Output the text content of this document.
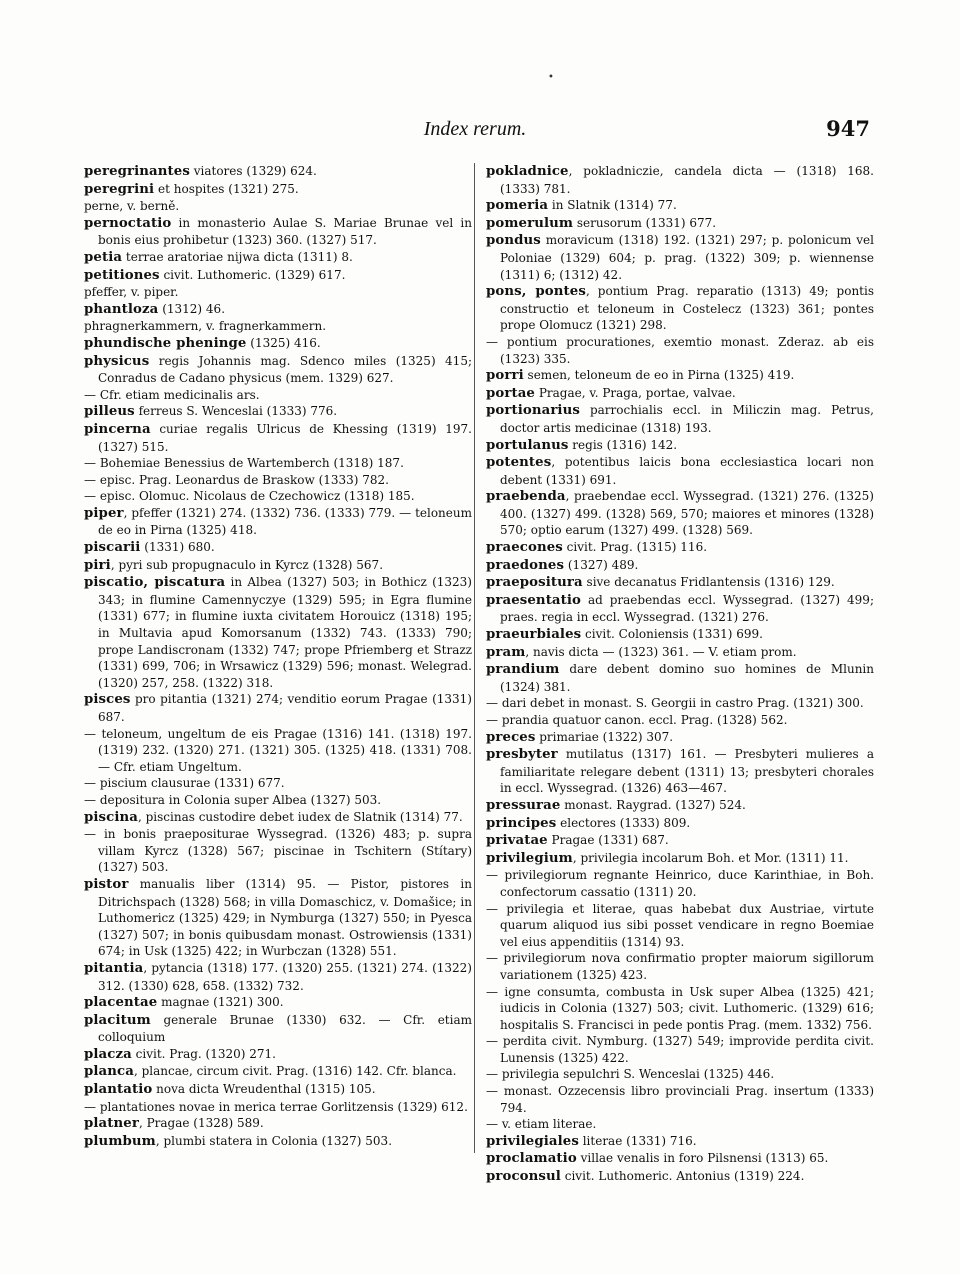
•
Index rerum.	947

peregrinantes viatores (1329) 624.

peregrini et hospites (1321) 275.

perne, v. berně.

pernoctatio in monasterio Aulae S. Mariae Brunae vel in bonis eius prohibetur (1323) 360. (1327) 517.

petia terrae aratoriae nijwa dicta (1311) 8.

petitiones civit. Luthomeric. (1329) 617.

pfeffer, v. piper.

phantloza (1312) 46.

phragnerkammern, v. fragnerkammern.

phundische pheninge (1325) 416.

physicus regis Johannis mag. Sdenco miles (1325) 415; Conradus de Cadano physicus (mem. 1329) 627.

— Cfr. etiam medicinalis ars.

pilleus ferreus S. Wenceslai (1333) 776.

pincerna curiae regalis Ulricus de Khessing (1319) 197. (1327) 515.

— Bohemiae Benessius de Wartemberch (1318) 187.

— episc. Prag. Leonardus de Braskow (1333) 782.

— episc. Olomuc. Nicolaus de Czechowicz (1318) 185.

piper, pfeffer (1321) 274. (1332) 736. (1333) 779. — teloneum de eo in Pirna (1325) 418.

piscarii (1331) 680.

piri, pyri sub propugnaculo in Kyrcz (1328) 567.

piscatio, piscatura in Albea (1327) 503; in Bothicz (1323) 343; in flumine Camennyczye (1329) 595; in Egra flumine (1331) 677; in flumine iuxta civitatem Horouicz (1318) 195; in Multavia apud Komorsanum (1332) 743. (1333) 790; prope Landiscronam (1332) 747; prope Pfriemberg et Strazz (1331) 699, 706; in Wrsawicz (1329) 596; monast. Welegrad. (1320) 257, 258. (1322) 318.

pisces pro pitantia (1321) 274; venditio eorum Pragae (1331) 687.

— teloneum, ungeltum de eis Pragae (1316) 141. (1318) 197. (1319) 232. (1320) 271. (1321) 305. (1325) 418. (1331) 708. — Cfr. etiam Ungeltum.

— piscium clausurae (1331) 677.

— depositura in Colonia super Albea (1327) 503.

piscina, piscinas custodire debet iudex de Slatnik (1314) 77.

— in bonis praepositurae Wyssegrad. (1326) 483; p. supra villam Kyrcz (1328) 567; piscinae in Tschitern (Stítary) (1327) 503.

pistor manualis liber (1314) 95. — Pistor, pistores in Ditrichspach (1328) 568; in villa Domaschicz, v. Domašice; in Luthomericz (1325) 429; in Nymburga (1327) 550; in Pyesca (1327) 507; in bonis quibusdam monast. Ostrowiensis (1331) 674; in Usk (1325) 422; in Wurbczan (1328) 551.

pitantia, pytancia (1318) 177. (1320) 255. (1321) 274. (1322) 312. (1330) 628, 658. (1332) 732.

placentae magnae (1321) 300.

placitum generale Brunae (1330) 632. — Cfr. etiam colloquium

placza civit. Prag. (1320) 271.

planca, plancae, circum civit. Prag. (1316) 142. Cfr. blanca.

plantatio nova dicta Wreudenthal (1315) 105.

— plantationes novae in merica terrae Gorlitzensis (1329) 612.

platner, Pragae (1328) 589.

plumbum, plumbi statera in Colonia (1327) 503.

pokladnice, pokladniczie, candela dicta — (1318) 168. (1333) 781.

pomeria in Slatnik (1314) 77.

pomerulum serusorum (1331) 677.

pondus moravicum (1318) 192. (1321) 297; p. polonicum vel Poloniae (1329) 604; p. prag. (1322) 309; p. wiennense (1311) 6; (1312) 42.

pons, pontes, pontium Prag. reparatio (1313) 49; pontis constructio et teloneum in Costelecz (1323) 361; pontes prope Olomucz (1321) 298.

— pontium procurationes, exemtio monast. Zderaz. ab eis (1323) 335.

porri semen, teloneum de eo in Pirna (1325) 419.

portae Pragae, v. Praga, portae, valvae.

portionarius parrochialis eccl. in Miliczin mag. Petrus, doctor artis medicinae (1318) 193.

portulanus regis (1316) 142.

potentes, potentibus laicis bona ecclesiastica locari non debent (1331) 691.

praebenda, praebendae eccl. Wyssegrad. (1321) 276. (1325) 400. (1327) 499. (1328) 569, 570; maiores et minores (1328) 570; optio earum (1327) 499. (1328) 569.

praecones civit. Prag. (1315) 116.

praedones (1327) 489.

praepositura sive decanatus Fridlantensis (1316) 129.

praesentatio ad praebendas eccl. Wyssegrad. (1327) 499; praes. regia in eccl. Wyssegrad. (1321) 276.

praeurbiales civit. Coloniensis (1331) 699.

pram, navis dicta — (1323) 361. — V. etiam prom.

prandium dare debent domino suo homines de Mlunin (1324) 381.

— dari debet in monast. S. Georgii in castro Prag. (1321) 300.

— prandia quatuor canon. eccl. Prag. (1328) 562.

preces primariae (1322) 307.

presbyter mutilatus (1317) 161. — Presbyteri mulieres a familiaritate relegare debent (1311) 13; presbyteri chorales in eccl. Wyssegrad. (1326) 463—467.

pressurae monast. Raygrad. (1327) 524.

principes electores (1333) 809.

privatae Pragae (1331) 687.

privilegium, privilegia incolarum Boh. et Mor. (1311) 11.

— privilegiorum regnante Heinrico, duce Karinthiae, in Boh. confectorum cassatio (1311) 20.

— privilegia et literae, quas habebat dux Austriae, virtute quarum aliquod ius sibi posset vendicare in regno Boemiae vel eius appenditiis (1314) 93.

— privilegiorum nova confirmatio propter maiorum sigillorum variationem (1325) 423.

— igne consumta, combusta in Usk super Albea (1325) 421; iudicis in Colonia (1327) 503; civit. Luthomeric. (1329) 616; hospitalis S. Francisci in pede pontis Prag. (mem. 1332) 756.

— perdita civit. Nymburg. (1327) 549; improvide perdita civit. Lunensis (1325) 422.

— privilegia sepulchri S. Wenceslai (1325) 446.

— monast. Ozzecensis libro provinciali Prag. insertum (1333) 794.

— v. etiam literae.

privilegiales literae (1331) 716.

proclamatio villae venalis in foro Pilsnensi (1313) 65.

proconsul civit. Luthomeric. Antonius (1319) 224.
